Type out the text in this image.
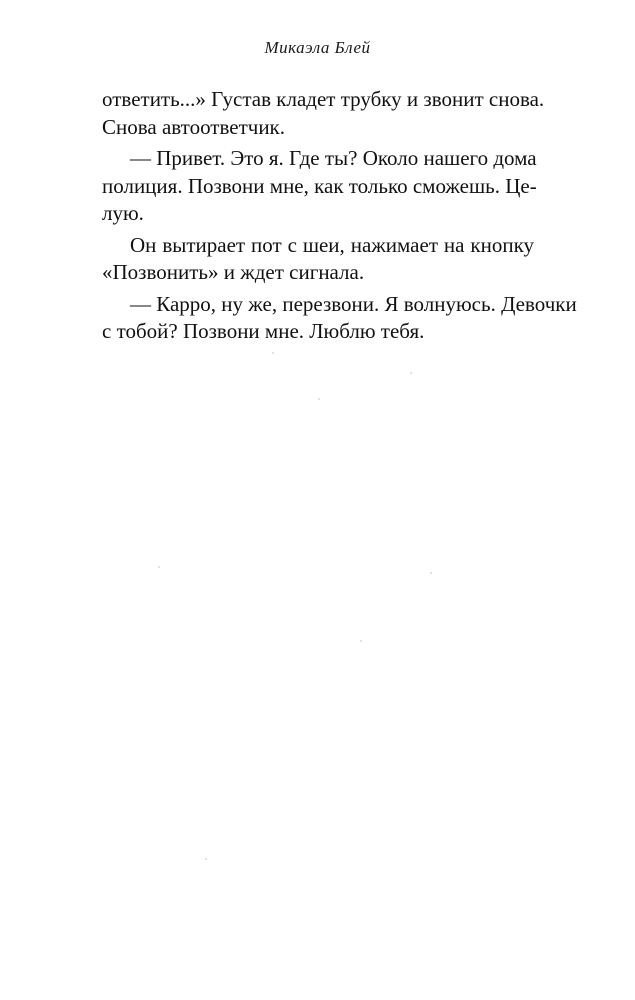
Микаэла Блей
ответить...» Густав кладет трубку и звонит снова.
Снова автоответчик.
— Привет. Это я. Где ты? Около нашего дома
полиция. Позвони мне, как только сможешь. Це-
лую.
Он вытирает пот с шеи, нажимает на кнопку
«Позвонить» и ждет сигнала.
— Карро, ну же, перезвони. Я волнуюсь. Девочки
с тобой? Позвони мне. Люблю тебя.
